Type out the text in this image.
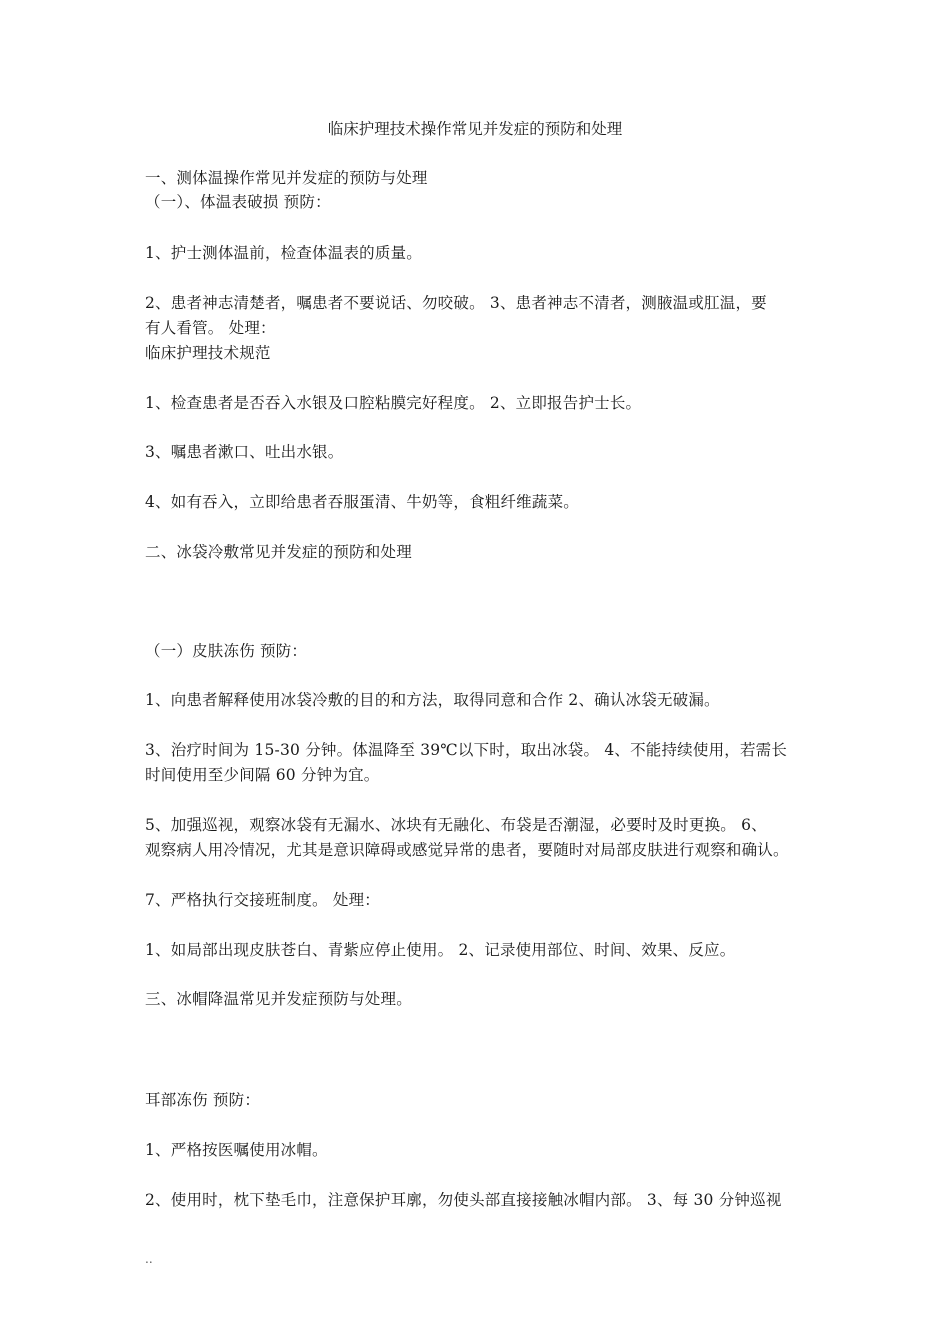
临床护理技术操作常见并发症的预防和处理
一、测体温操作常见并发症的预防与处理
（一）、体温表破损 预防：
1、护士测体温前，检查体温表的质量。
2、患者神志清楚者，嘱患者不要说话、勿咬破。 3、患者神志不清者，测腋温或肛温，要
有人看管。 处理：
临床护理技术规范
1、检查患者是否吞入水银及口腔粘膜完好程度。 2、立即报告护士长。
3、嘱患者漱口、吐出水银。
4、如有吞入，立即给患者吞服蛋清、牛奶等，食粗纤维蔬菜。
二、冰袋冷敷常见并发症的预防和处理
（一）皮肤冻伤 预防：
1、向患者解释使用冰袋冷敷的目的和方法，取得同意和合作 2、确认冰袋无破漏。
3、治疗时间为 15-30 分钟。体温降至 39℃以下时，取出冰袋。 4、不能持续使用，若需长
时间使用至少间隔 60 分钟为宜。
5、加强巡视，观察冰袋有无漏水、冰块有无融化、布袋是否潮湿，必要时及时更换。 6、
观察病人用冷情况，尤其是意识障碍或感觉异常的患者，要随时对局部皮肤进行观察和确认。
7、严格执行交接班制度。 处理：
1、如局部出现皮肤苍白、青紫应停止使用。 2、记录使用部位、时间、效果、反应。
三、冰帽降温常见并发症预防与处理。
耳部冻伤 预防：
1、严格按医嘱使用冰帽。
2、使用时，枕下垫毛巾，注意保护耳廓，勿使头部直接接触冰帽内部。 3、每 30 分钟巡视
..
